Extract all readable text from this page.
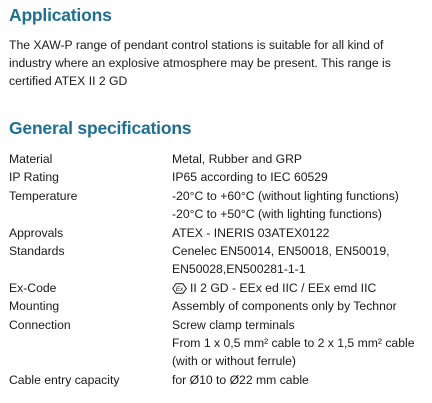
Applications

The XAW-P range of pendant control stations is suitable for all kind of
industry where an explosive atmosphere may be present. This range is
certified ATEX II 2 GD

General specifications
Material	Metal, Rubber and GRP
IP Rating	IP65 according to IEC 60529
Temperature	-20°C to +60°C (without lighting functions)
-20°C to +50°C (with lighting functions)
Approvals	ATEX - INERIS 03ATEX0122
Standards	Cenelec EN50014, EN50018, EN50019,
EN50028,EN500281-1-1
Ex-Code	Ex II 2 GD - EEx ed IIC / EEx emd IIC
Mounting	Assembly of components only by Technor
Connection	Screw clamp terminals
From 1 x 0,5 mm² cable to 2 x 1,5 mm² cable
(with or without ferrule)
Cable entry capacity	for Ø10 to Ø22 mm cable
